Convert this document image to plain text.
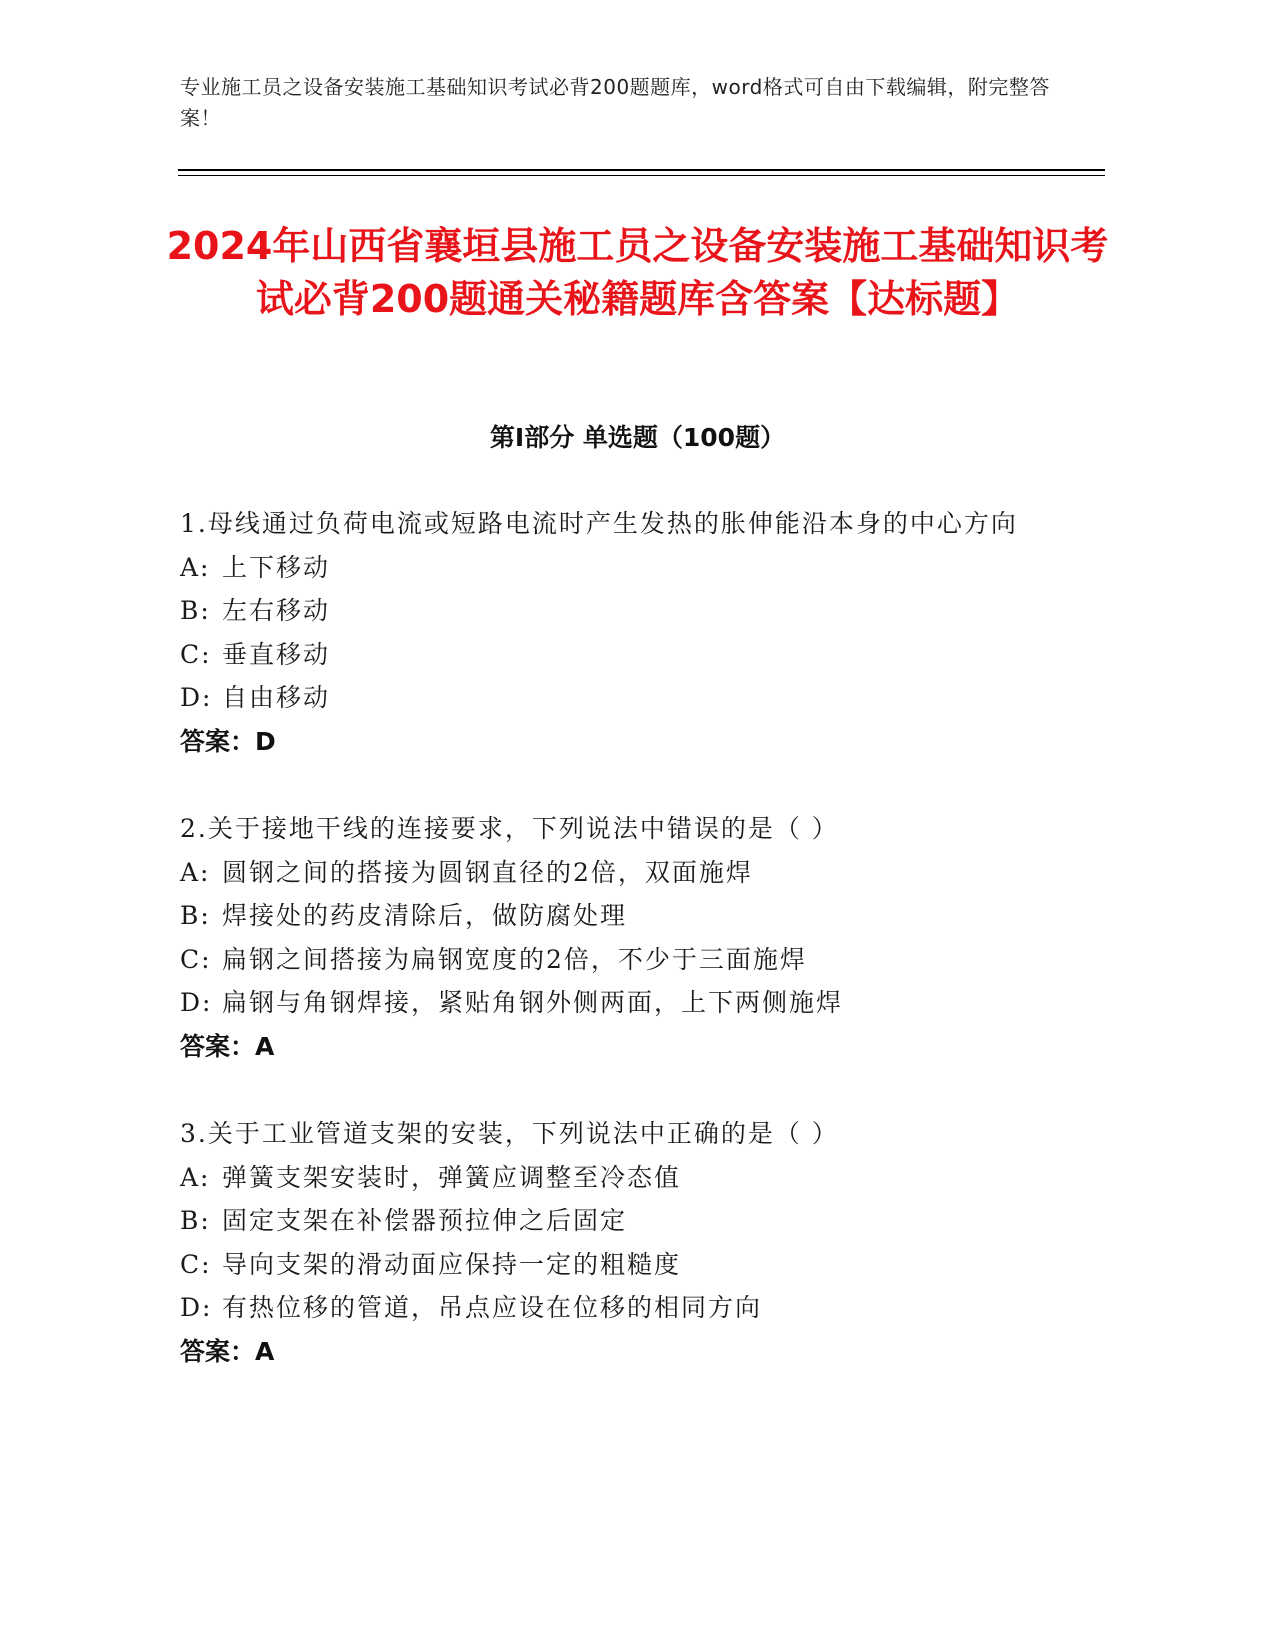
专业施工员之设备安装施工基础知识考试必背200题题库，word格式可自由下载编辑，附完整答案！
2024年山西省襄垣县施工员之设备安装施工基础知识考试必背200题通关秘籍题库含答案【达标题】
第Ⅰ部分 单选题（100题）
1.母线通过负荷电流或短路电流时产生发热的胀伸能沿本身的中心方向
A: 上下移动
B: 左右移动
C: 垂直移动
D: 自由移动
答案：D
2.关于接地干线的连接要求，下列说法中错误的是（ ）
A: 圆钢之间的搭接为圆钢直径的2倍，双面施焊
B: 焊接处的药皮清除后，做防腐处理
C: 扁钢之间搭接为扁钢宽度的2倍，不少于三面施焊
D: 扁钢与角钢焊接，紧贴角钢外侧两面，上下两侧施焊
答案：A
3.关于工业管道支架的安装，下列说法中正确的是（ ）
A: 弹簧支架安装时，弹簧应调整至冷态值
B: 固定支架在补偿器预拉伸之后固定
C: 导向支架的滑动面应保持一定的粗糙度
D: 有热位移的管道，吊点应设在位移的相同方向
答案：A
